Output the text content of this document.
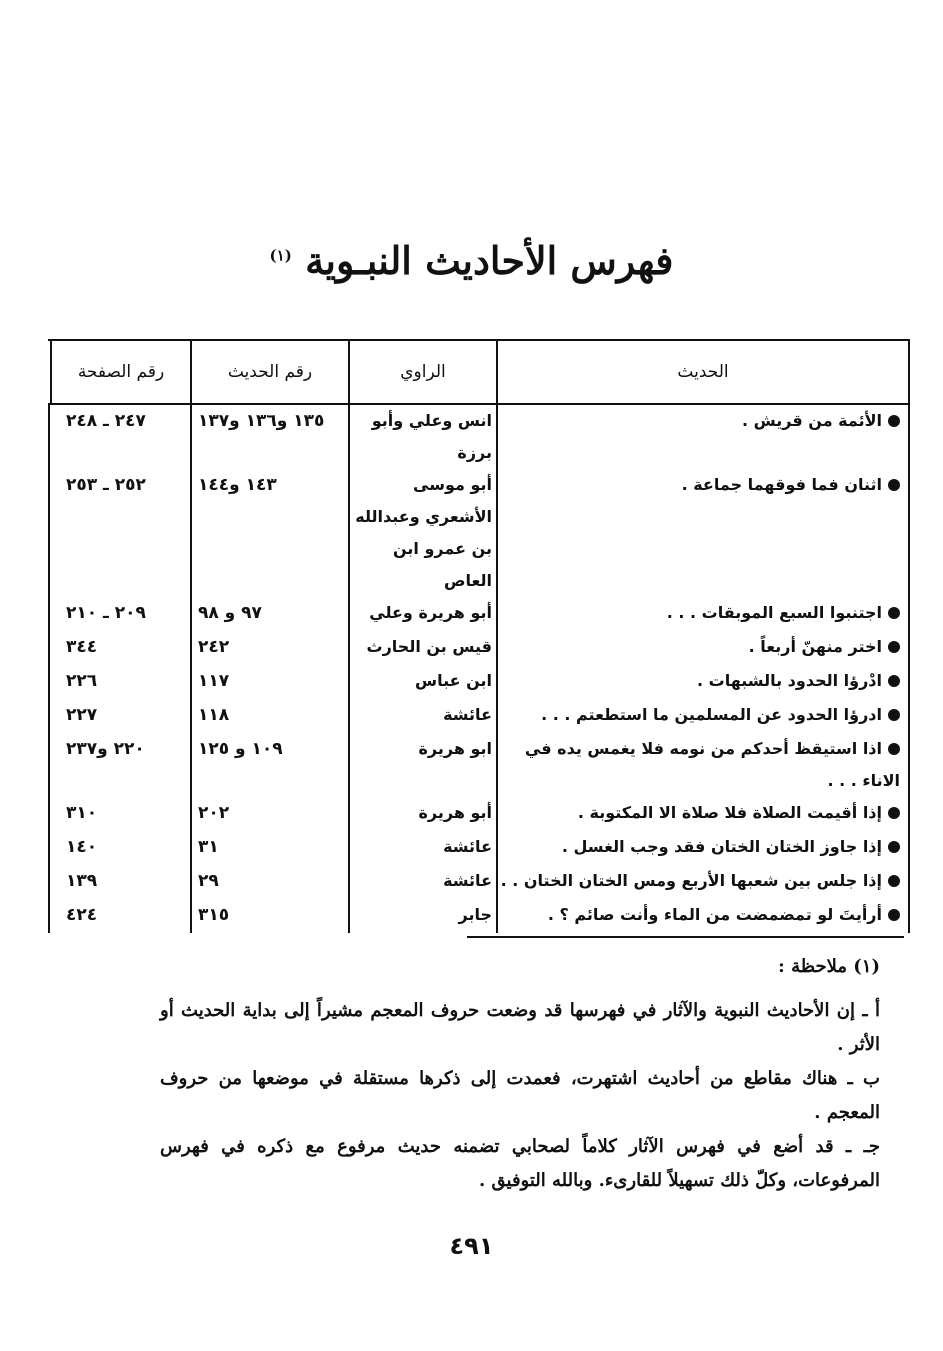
فهرس الأحاديث النبـوية $^{(١)}$
الحديث
الراوي
رقم الحديث
رقم الصفحة
الأئمة من قريش .
انس وعلي وأبو برزة
١٣٥ و١٣٦ و١٣٧
٢٤٧ ـ ٢٤٨
اثنان فما فوقهما جماعة .
أبو موسى الأشعري وعبدالله بن عمرو ابن العاص
١٤٣ و١٤٤
٢٥٢ ـ ٢٥٣
اجتنبوا السبع الموبقات . . .
أبو هريرة وعلي
٩٧ و ٩٨
٢٠٩ ـ ٢١٠
اختر منهنّ أربعاً .
قيس بن الحارث
٢٤٢
٣٤٤
ادْرؤا الحدود بالشبهات .
ابن عباس
١١٧
٢٢٦
ادرؤا الحدود عن المسلمين ما استطعتم . . .
عائشة
١١٨
٢٢٧
اذا استيقظ أحدكم من نومه فلا يغمس يده في الاناء . . .
ابو هريرة
١٠٩ و ١٢٥
٢٢٠ و٢٣٧
إذا أقيمت الصلاة فلا صلاة الا المكتوبة .
أبو هريرة
٢٠٢
٣١٠
إذا جاوز الختان الختان فقد وجب الغسل .
عائشة
٣١
١٤٠
إذا جلس بين شعبها الأربع ومس الختان الختان . .
عائشة
٢٩
١٣٩
أرأيتَ لو تمضمضت من الماء وأنت صائم ؟ .
جابر
٣١٥
٤٢٤
(١) ملاحظة :

أ ـ إن الأحاديث النبوية والآثار في فهرسها قد وضعت حروف المعجم مشيراً إلى بداية الحديث أو الأثر .

ب ـ هناك مقاطع من أحاديث اشتهرت، فعمدت إلى ذكرها مستقلة في موضعها من حروف المعجم .

جـ ـ قد أضع في فهرس الآثار كلاماً لصحابي تضمنه حديث مرفوع مع ذكره في فهرس المرفوعات، وكلّ ذلك تسهيلاً للقارىء. وبالله التوفيق .

٤٩١
